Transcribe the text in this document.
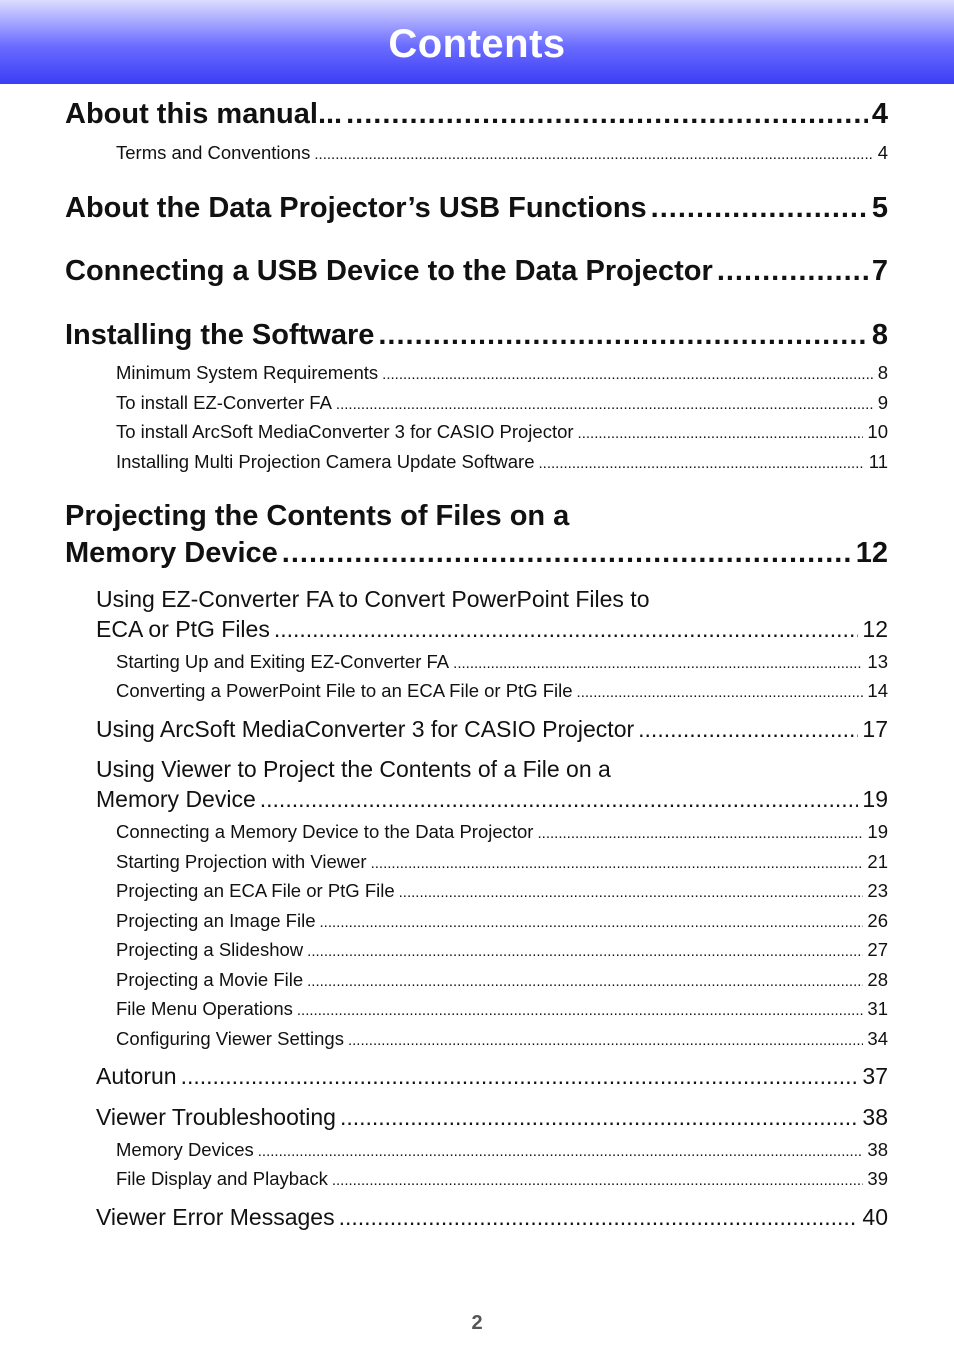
Contents
About this manual... .....	4
Terms and Conventions .....	4
About the Data Projector’s USB Functions .....	5
Connecting a USB Device to the Data Projector .....	7
Installing the Software .....	8
Minimum System Requirements .....	8
To install EZ-Converter FA .....	9
To install ArcSoft MediaConverter 3 for CASIO Projector .....	10
Installing Multi Projection Camera Update Software .....	11
Projecting the Contents of Files on a
Memory Device .....	12
Using EZ-Converter FA to Convert PowerPoint Files to
ECA or PtG Files .....	12
Starting Up and Exiting EZ-Converter FA .....	13
Converting a PowerPoint File to an ECA File or PtG File .....	14
Using ArcSoft MediaConverter 3 for CASIO Projector .....	17
Using Viewer to Project the Contents of a File on a
Memory Device .....	19
Connecting a Memory Device to the Data Projector .....	19
Starting Projection with Viewer .....	21
Projecting an ECA File or PtG File .....	23
Projecting an Image File .....	26
Projecting a Slideshow .....	27
Projecting a Movie File .....	28
File Menu Operations .....	31
Configuring Viewer Settings .....	34
Autorun .....	37
Viewer Troubleshooting .....	38
Memory Devices .....	38
File Display and Playback .....	39
Viewer Error Messages .....	40
2
